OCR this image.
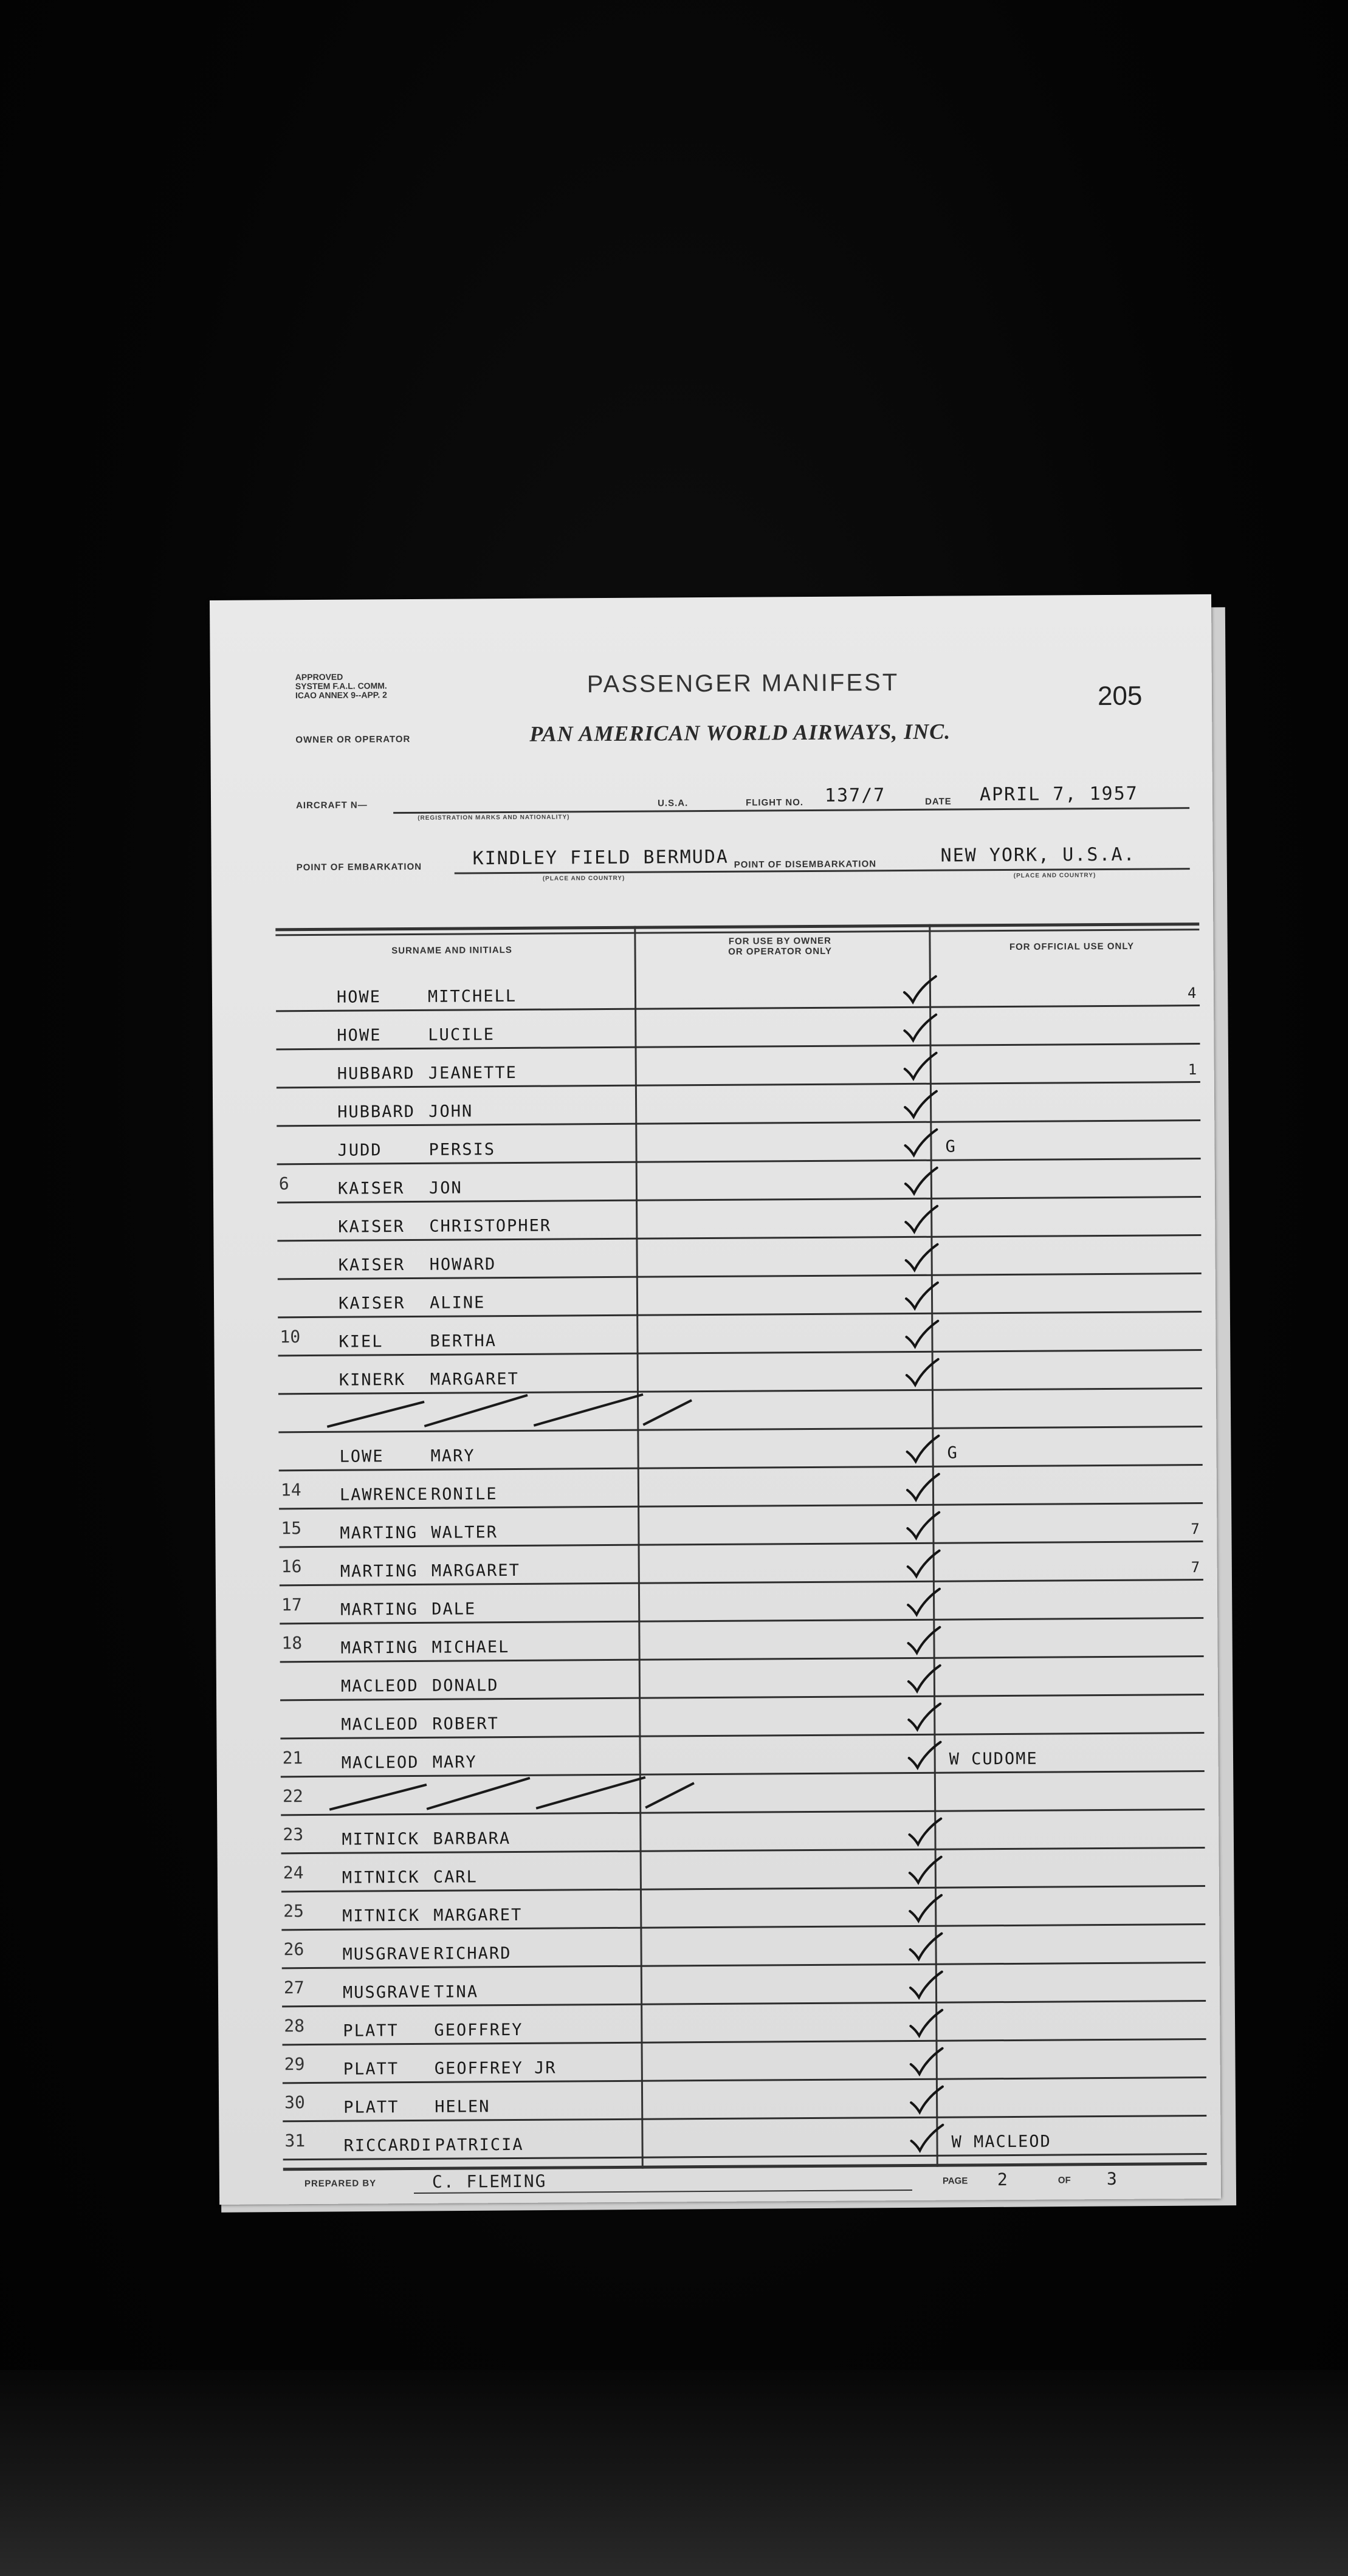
APPROVED
SYSTEM F.A.L. COMM.
ICAO ANNEX 9--APP. 2	PASSENGER MANIFEST	205
OWNER OR OPERATOR	PAN AMERICAN WORLD AIRWAYS, INC.
AIRCRAFT N—
(REGISTRATION MARKS AND NATIONALITY)
U.S.A.	FLIGHT NO. 137/7	DATE APRIL 7, 1957
POINT OF EMBARKATION	KINDLEY FIELD BERMUDA
(PLACE AND COUNTRY)
POINT OF DISEMBARKATION	NEW YORK, U.S.A.
(PLACE AND COUNTRY)
SURNAME AND INITIALS
FOR USE BY OWNER
OR OPERATOR ONLY	FOR OFFICIAL USE ONLY
HOWE	MITCHELL	4
HOWE	LUCILE
HUBBARD JEANETTE	1
HUBBARD JOHN
JUDD	PERSIS	G
6	KAISER JON
KAISER CHRISTOPHER
KAISER HOWARD
KAISER ALINE
10 KIEL	BERTHA
KINERK MARGARET
LOWE	MARY	G
14 LAWRENCE RONILE
15 MARTING WALTER	7
16 MARTING MARGARET	7
17 MARTING DALE
18 MARTING MICHAEL
MACLEOD DONALD
MACLEOD ROBERT
21 MACLEOD MARY	W CUDOME
22
23 MITNICK BARBARA
24 MITNICK CARL
25 MITNICK MARGARET
26 MUSGRAVE RICHARD
27 MUSGRAVE TINA
28 PLATT GEOFFREY
29 PLATT GEOFFREY JR
30 PLATT HELEN
31 RICCARDI PATRICIA	W MACLEOD
PREPARED BY	C. FLEMING	PAGE 2	OF 3
